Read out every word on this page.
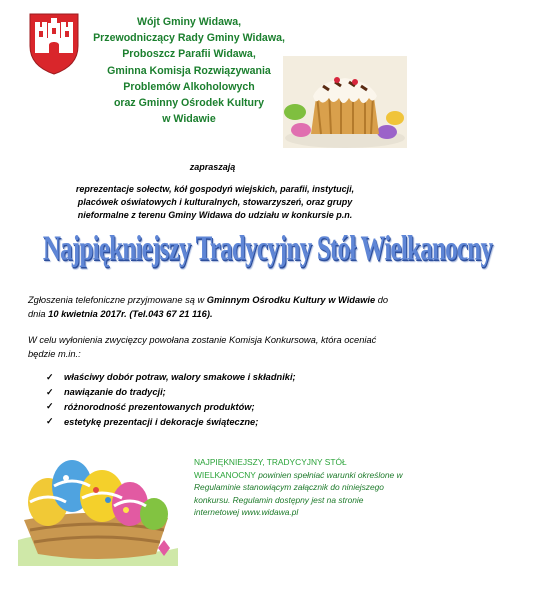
Wójt Gminy Widawa,
Przewodniczący Rady Gminy Widawa,
Proboszcz Parafii Widawa,
Gminna Komisja Rozwiązywania
Problemów Alkoholowych
oraz Gminny Ośrodek Kultury
w Widawie
zapraszają
reprezentacje sołectw, kół gospodyń wiejskich, parafii, instytucji,
placówek oświatowych i kulturalnych, stowarzyszeń, oraz grupy
nieformalne z terenu Gminy Widawa do udziału w konkursie p.n.
Najpiękniejszy Tradycyjny Stół Wielkanocny
Zgłoszenia telefoniczne przyjmowane są w Gminnym Ośrodku Kultury w Widawie do dnia 10 kwietnia 2017r. (Tel.043 67 21 116).
W celu wyłonienia zwycięzcy powołana zostanie Komisja Konkursowa, która oceniać będzie m.in.:
✓	właściwy dobór potraw, walory smakowe i składniki;
✓	nawiązanie do tradycji;
✓	różnorodność prezentowanych produktów;
✓	estetykę prezentacji i dekoracje świąteczne;
NAJPIĘKNIEJSZY, TRADYCYJNY STÓŁ WIELKANOCNY powinien spełniać warunki określone w Regulaminie stanowiącym załącznik do niniejszego konkursu. Regulamin dostępny jest na stronie internetowej www.widawa.pl
